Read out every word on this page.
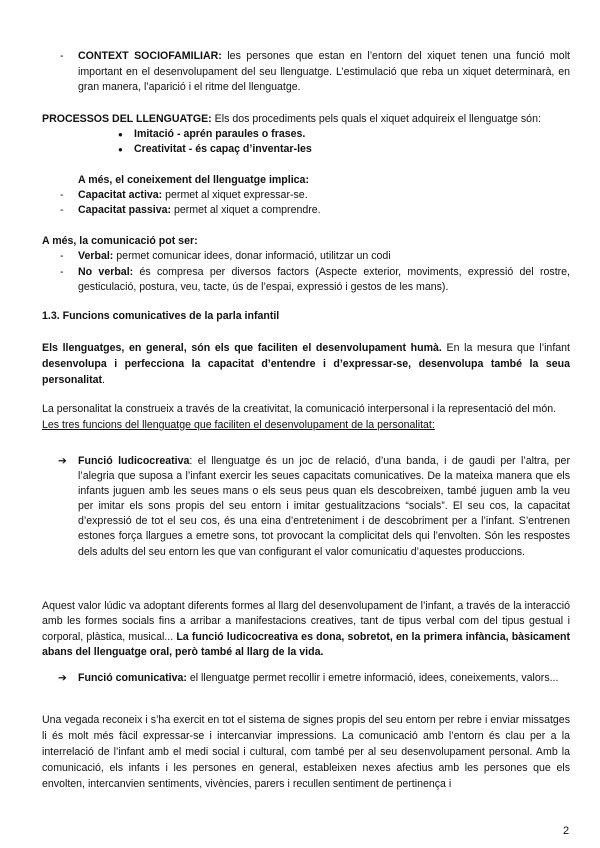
- CONTEXT SOCIOFAMILIAR: les persones que estan en l’entorn del xiquet tenen una funció molt important en el desenvolupament del seu llenguatge. L’estimulació que reba un xiquet determinarà, en gran manera, l’aparició i el ritme del llenguatge.
PROCESSOS DEL LLENGUATGE: Els dos procediments pels quals el xiquet adquireix el llenguatge són:
● Imitació - aprén paraules o frases.
● Creativitat - és capaç d’inventar-les
A més, el coneixement del llenguatge implica:
- Capacitat activa: permet al xiquet expressar-se.
- Capacitat passiva: permet al xiquet a comprendre.
A més, la comunicació pot ser:
- Verbal: permet comunicar idees, donar informació, utilitzar un codi
- No verbal: és compresa per diversos factors (Aspecte exterior, moviments, expressió del rostre, gesticulació, postura, veu, tacte, ús de l’espai, expressió i gestos de les mans).
1.3. Funcions comunicatives de la parla infantil
Els llenguatges, en general, són els que faciliten el desenvolupament humà. En la mesura que l’infant desenvolupa i perfecciona la capacitat d’entendre i d’expressar-se, desenvolupa també la seua personalitat.
La personalitat la construeix a través de la creativitat, la comunicació interpersonal i la representació del món.
Les tres funcions del llenguatge que faciliten el desenvolupament de la personalitat:
➔ Funció ludicocreativa: el llenguatge és un joc de relació, d’una banda, i de gaudi per l’altra, per l’alegria que suposa a l’infant exercir les seues capacitats comunicatives. De la mateixa manera que els infants juguen amb les seues mans o els seus peus quan els descobreixen, també juguen amb la veu per imitar els sons propis del seu entorn i imitar gestualitzacions “socials”. El seu cos, la capacitat d’expressió de tot el seu cos, és una eina d’entreteniment i de descobriment per a l’infant. S’entrenen estones força llargues a emetre sons, tot provocant la complicitat dels qui l’envolten. Són les respostes dels adults del seu entorn les que van configurant el valor comunicatiu d’aquestes produccions.
Aquest valor lúdic va adoptant diferents formes al llarg del desenvolupament de l’infant, a través de la interacció amb les formes socials fins a arribar a manifestacions creatives, tant de tipus verbal com del tipus gestual i corporal, plàstica, musical... La funció ludicocreativa es dona, sobretot, en la primera infància, bàsicament abans del llenguatge oral, però també al llarg de la vida.
➔ Funció comunicativa: el llenguatge permet recollir i emetre informació, idees, coneixements, valors...
Una vegada reconeix i s’ha exercit en tot el sistema de signes propis del seu entorn per rebre i enviar missatges li és molt més fàcil expressar-se i intercanviar impressions. La comunicació amb l’entorn és clau per a la interrelació de l’infant amb el medi social i cultural, com també per al seu desenvolupament personal. Amb la comunicació, els infants i les persones en general, estableixen nexes afectius amb les persones que els envolten, intercanvien sentiments, vivències, parers i recullen sentiment de pertinença i
2
